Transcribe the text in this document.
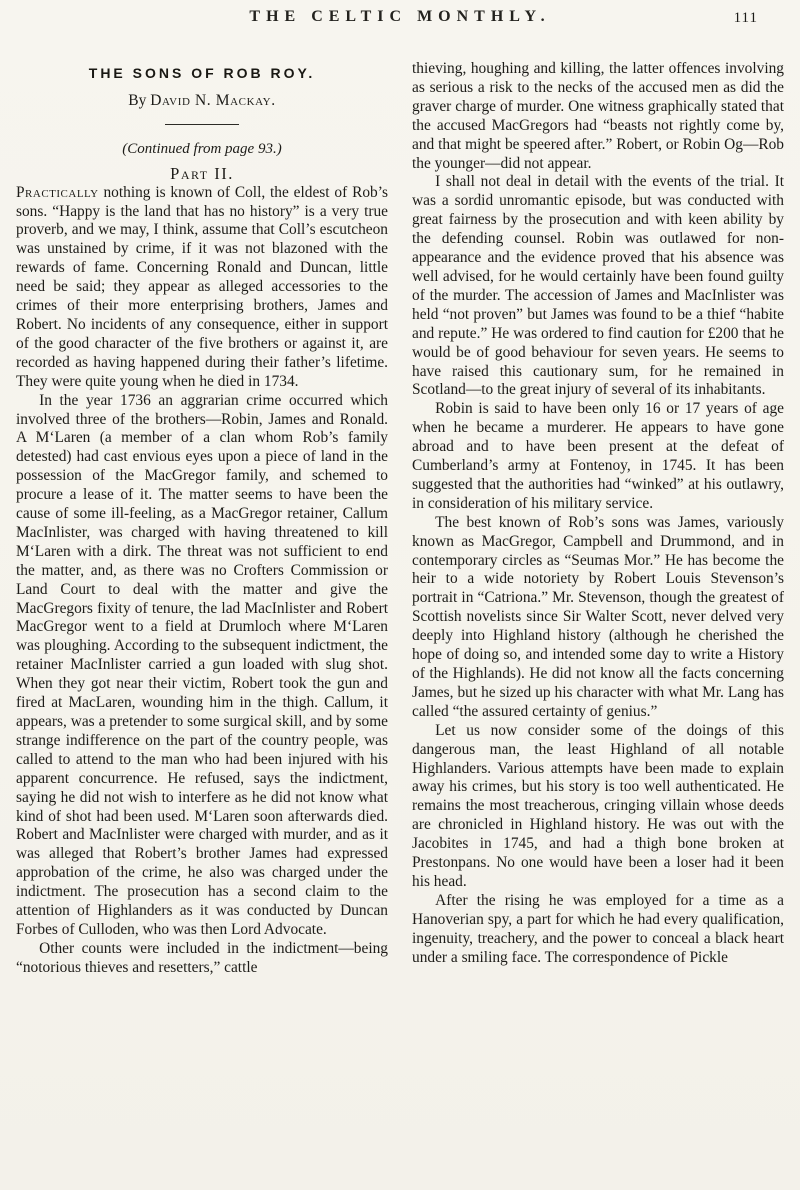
THE CELTIC MONTHLY.	111
THE SONS OF ROB ROY.
By David N. Mackay.
(Continued from page 93.)
Part II.

Practically nothing is known of Coll, the eldest of Rob’s sons. “Happy is the land that has no history” is a very true proverb, and we may, I think, assume that Coll’s escutcheon was unstained by crime, if it was not blazoned with the rewards of fame. Concerning Ronald and Duncan, little need be said; they appear as alleged accessories to the crimes of their more enterprising brothers, James and Robert. No incidents of any consequence, either in support of the good character of the five brothers or against it, are recorded as having happened during their father’s lifetime. They were quite young when he died in 1734.

In the year 1736 an aggrarian crime occurred which involved three of the brothers—Robin, James and Ronald. A M‘Laren (a member of a clan whom Rob’s family detested) had cast envious eyes upon a piece of land in the possession of the MacGregor family, and schemed to procure a lease of it. The matter seems to have been the cause of some ill-feeling, as a MacGregor retainer, Callum MacInlister, was charged with having threatened to kill M‘Laren with a dirk. The threat was not sufficient to end the matter, and, as there was no Crofters Commission or Land Court to deal with the matter and give the MacGregors fixity of tenure, the lad MacInlister and Robert MacGregor went to a field at Drumloch where M‘Laren was ploughing. According to the subsequent indictment, the retainer MacInlister carried a gun loaded with slug shot. When they got near their victim, Robert took the gun and fired at MacLaren, wounding him in the thigh. Callum, it appears, was a pretender to some surgical skill, and by some strange indifference on the part of the country people, was called to attend to the man who had been injured with his apparent concurrence. He refused, says the indictment, saying he did not wish to interfere as he did not know what kind of shot had been used. M‘Laren soon afterwards died. Robert and MacInlister were charged with murder, and as it was alleged that Robert’s brother James had expressed approbation of the crime, he also was charged under the indictment. The prosecution has a second claim to the attention of Highlanders as it was conducted by Duncan Forbes of Culloden, who was then Lord Advocate.

Other counts were included in the indictment—being “notorious thieves and resetters,” cattle

thieving, houghing and killing, the latter offences involving as serious a risk to the necks of the accused men as did the graver charge of murder. One witness graphically stated that the accused MacGregors had “beasts not rightly come by, and that might be speered after.” Robert, or Robin Og—Rob the younger—did not appear.

I shall not deal in detail with the events of the trial. It was a sordid unromantic episode, but was conducted with great fairness by the prosecution and with keen ability by the defending counsel. Robin was outlawed for non-appearance and the evidence proved that his absence was well advised, for he would certainly have been found guilty of the murder. The accession of James and MacInlister was held “not proven” but James was found to be a thief “habite and repute.” He was ordered to find caution for £200 that he would be of good behaviour for seven years. He seems to have raised this cautionary sum, for he remained in Scotland—to the great injury of several of its inhabitants.

Robin is said to have been only 16 or 17 years of age when he became a murderer. He appears to have gone abroad and to have been present at the defeat of Cumberland’s army at Fontenoy, in 1745. It has been suggested that the authorities had “winked” at his outlawry, in consideration of his military service.

The best known of Rob’s sons was James, variously known as MacGregor, Campbell and Drummond, and in contemporary circles as “Seumas Mor.” He has become the heir to a wide notoriety by Robert Louis Stevenson’s portrait in “Catriona.” Mr. Stevenson, though the greatest of Scottish novelists since Sir Walter Scott, never delved very deeply into Highland history (although he cherished the hope of doing so, and intended some day to write a History of the Highlands). He did not know all the facts concerning James, but he sized up his character with what Mr. Lang has called “the assured certainty of genius.”

Let us now consider some of the doings of this dangerous man, the least Highland of all notable Highlanders. Various attempts have been made to explain away his crimes, but his story is too well authenticated. He remains the most treacherous, cringing villain whose deeds are chronicled in Highland history. He was out with the Jacobites in 1745, and had a thigh bone broken at Prestonpans. No one would have been a loser had it been his head.

After the rising he was employed for a time as a Hanoverian spy, a part for which he had every qualification, ingenuity, treachery, and the power to conceal a black heart under a smiling face. The correspondence of Pickle
